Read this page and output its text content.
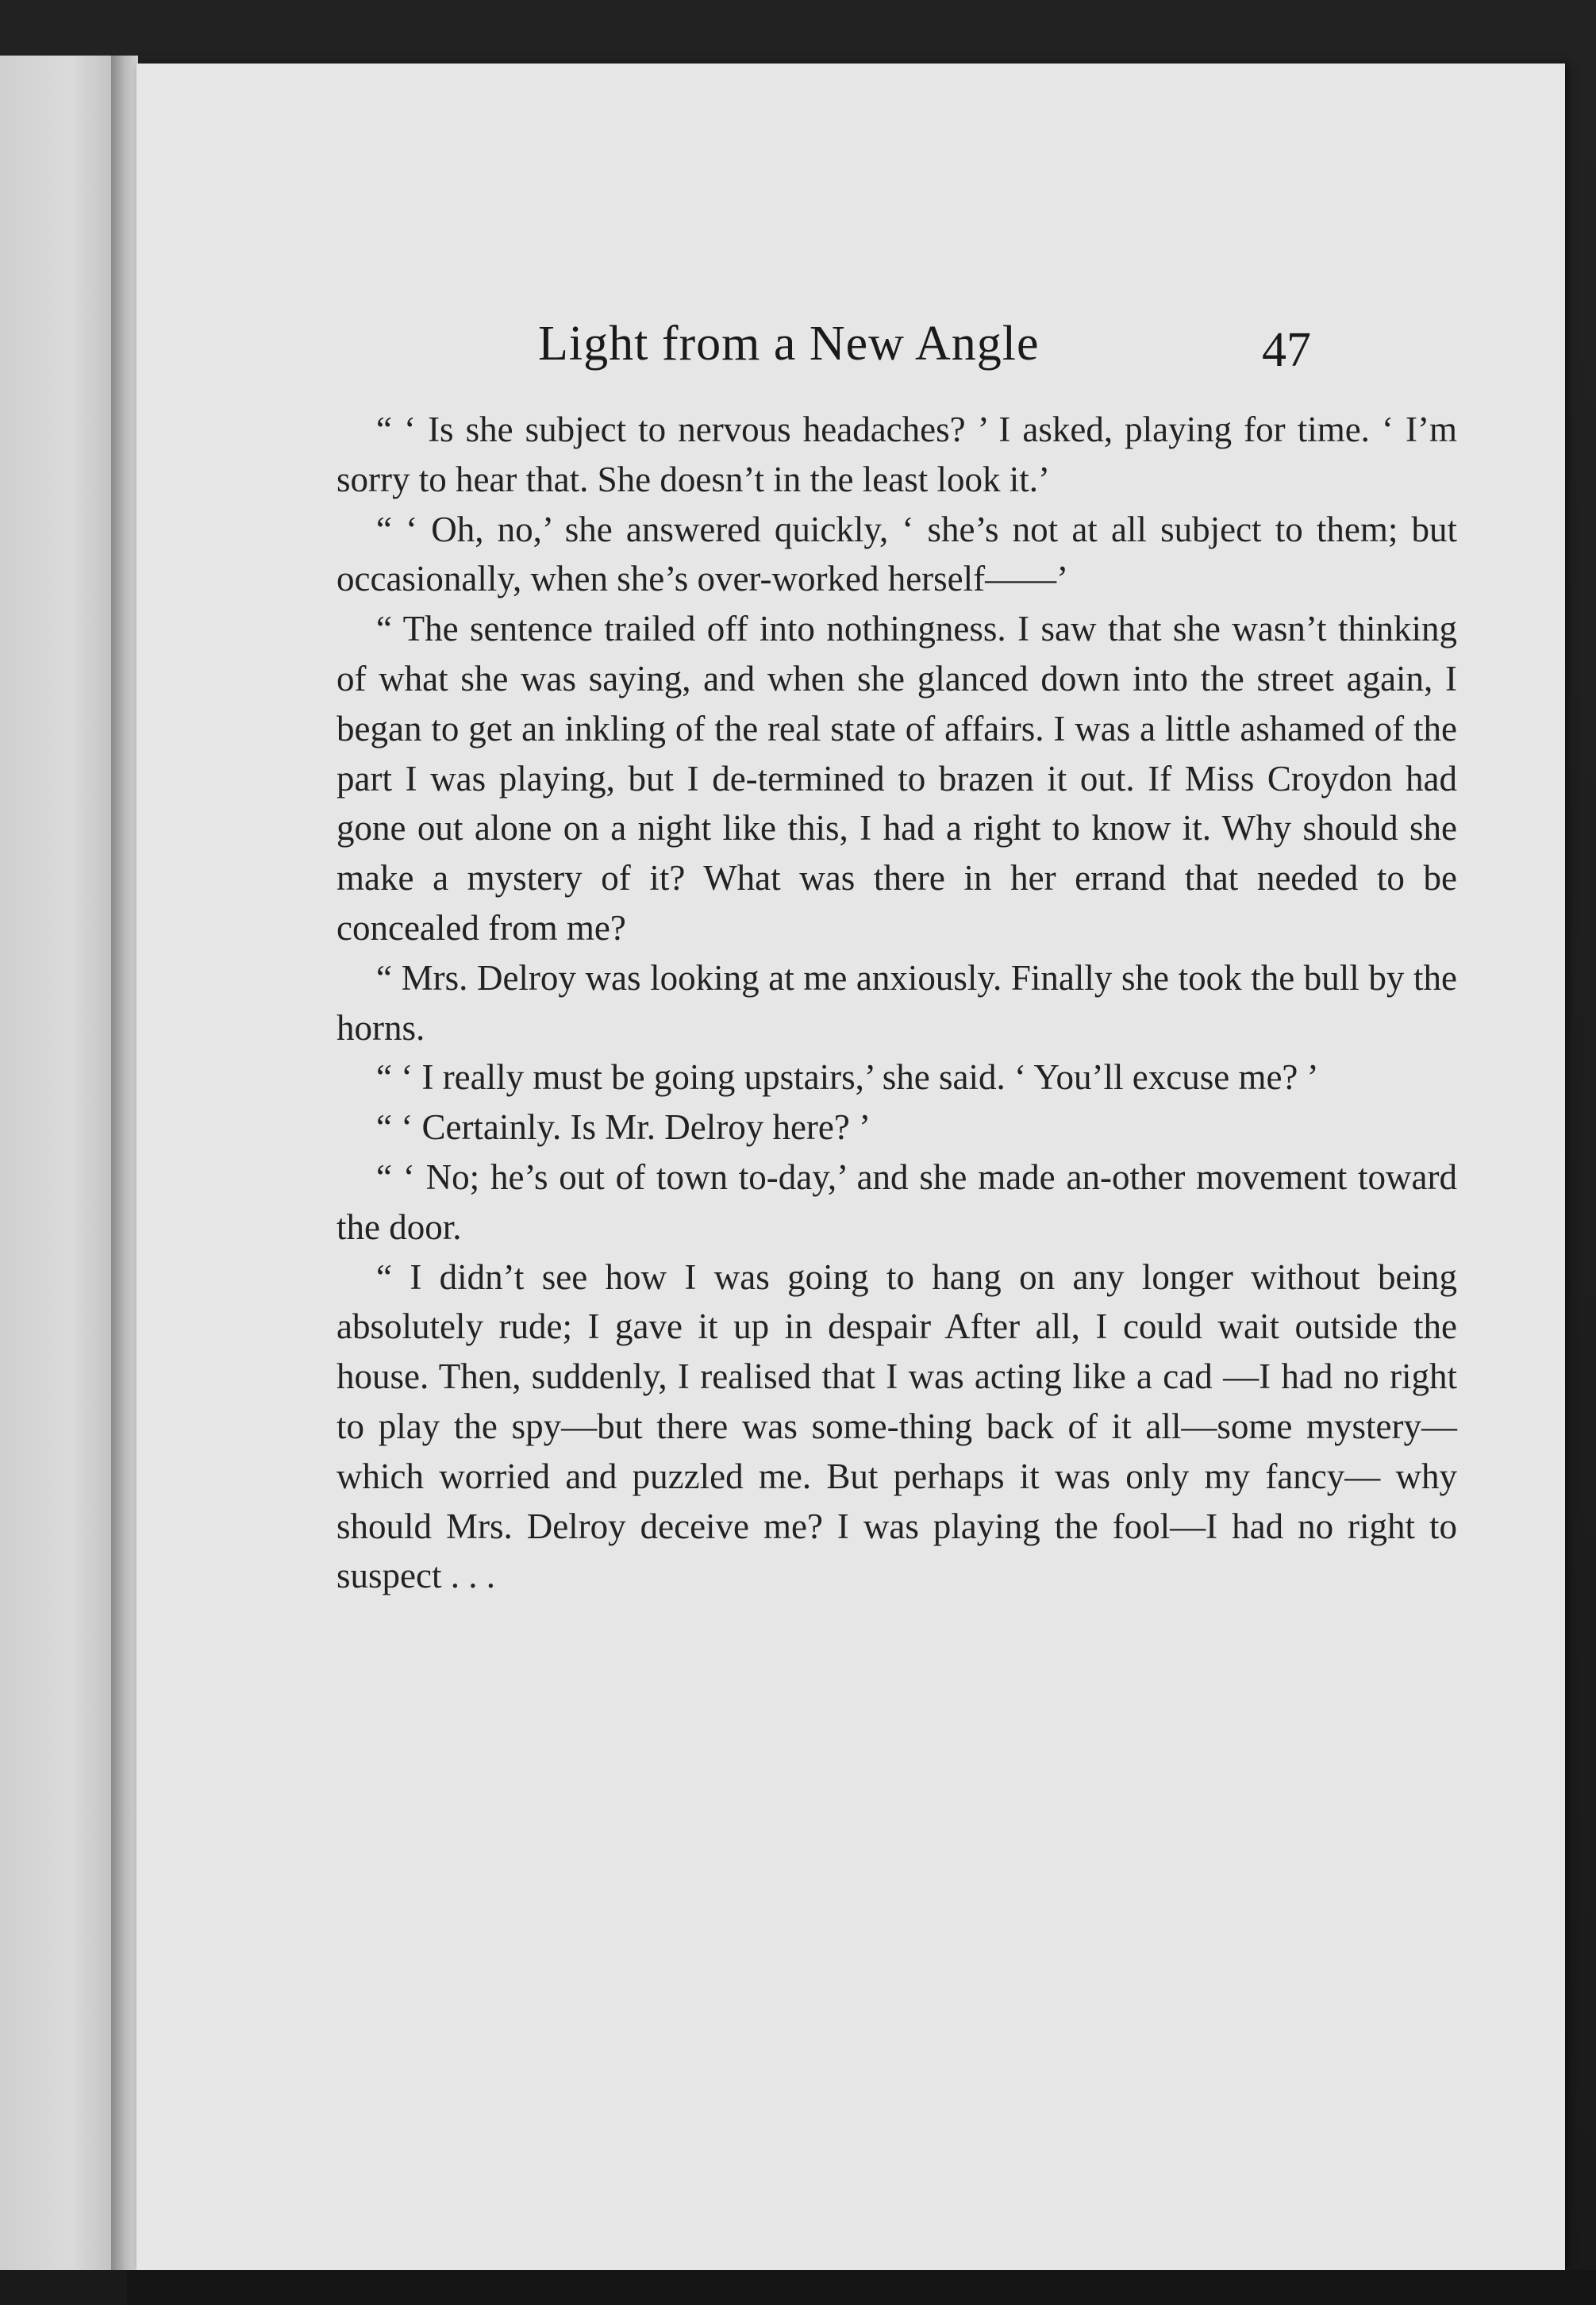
Light from a New Angle	47

“ ‘ Is she subject to nervous headaches? ’ I asked, playing for time. ‘ I’m sorry to hear that. She doesn’t in the least look it.’

“ ‘ Oh, no,’ she answered quickly, ‘ she’s not at all subject to them; but occasionally, when she’s over-worked herself——’

“ The sentence trailed off into nothingness. I saw that she wasn’t thinking of what she was saying, and when she glanced down into the street again, I began to get an inkling of the real state of affairs. I was a little ashamed of the part I was playing, but I de-termined to brazen it out. If Miss Croydon had gone out alone on a night like this, I had a right to know it. Why should she make a mystery of it? What was there in her errand that needed to be concealed from me?

“ Mrs. Delroy was looking at me anxiously. Finally she took the bull by the horns.

“ ‘ I really must be going upstairs,’ she said. ‘ You’ll excuse me? ’

“ ‘ Certainly. Is Mr. Delroy here? ’

“ ‘ No; he’s out of town to-day,’ and she made an-other movement toward the door.

“ I didn’t see how I was going to hang on any longer without being absolutely rude; I gave it up in despair After all, I could wait outside the house. Then, suddenly, I realised that I was acting like a cad —I had no right to play the spy—but there was some-thing back of it all—some mystery—which worried and puzzled me. But perhaps it was only my fancy— why should Mrs. Delroy deceive me? I was playing the fool—I had no right to suspect . . .
